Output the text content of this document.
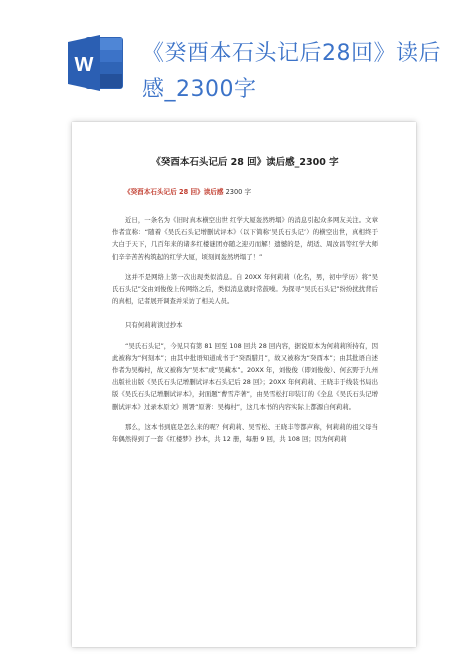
W 《癸酉本石头记后28回》读后感_2300字
《癸酉本石头记后 28 回》读后感_2300 字
《癸酉本石头记后 28 回》读后感 2300 字

近日，一条名为《旧时真本横空出世 红学大厦轰然坍塌》的消息引起众多网友关注。文章作者宣称：“随着《吴氏石头记增删试评本》（以下简称‘吴氏石头记’）的横空出世，真相终于大白于天下，几百年来的诸多红楼谜团亦随之迎刃而解！遗憾的是，胡适、周汝昌等红学大师们辛辛苦苦构筑起的红学大厦，顷刻间轰然坍塌了！”

这并不是网络上第一次出现类似消息。自 20XX 年何莉莉（化名，男，初中学历）将“吴氏石头记”交由刘俊俊上传网络之后，类似消息就时常鼓噪。为探寻“吴氏石头记”纷纷扰扰背后的真相，记者展开调查并采访了相关人员。

只有何莉莉读过抄本

“吴氏石头记”，今见只有第 81 回至 108 回共 28 回内容，据说原本为何莉莉所持有，因此被称为“何刻本”；由其中批语知道成书于“癸酉腊月”，故又被称为“癸酉本”；由其批语自述作者为吴梅村，故又被称为“吴本”或“吴藏本”。20XX 年，刘俊俊（即刘俊俊）、何玄野于九州出版社出版《吴氏石头记增删试评本石头记后 28 回》；20XX 年何莉莉、王晓丰于线装书局出版《吴氏石头记增删试评本》，封面题“曹雪芹著”，由吴雪松打印装订的《全息《吴氏石头记增删试评本》过录本原文》则署“原著：吴梅村”，这几本书的内容实际上都源自何莉莉。

那么，这本书到底是怎么来的呢？何莉莉、吴雪松、王晓丰等都声称，何莉莉的祖父母当年偶然得到了一套《红楼梦》抄本，共 12 册，每册 9 回，共 108 回；因为何莉莉
